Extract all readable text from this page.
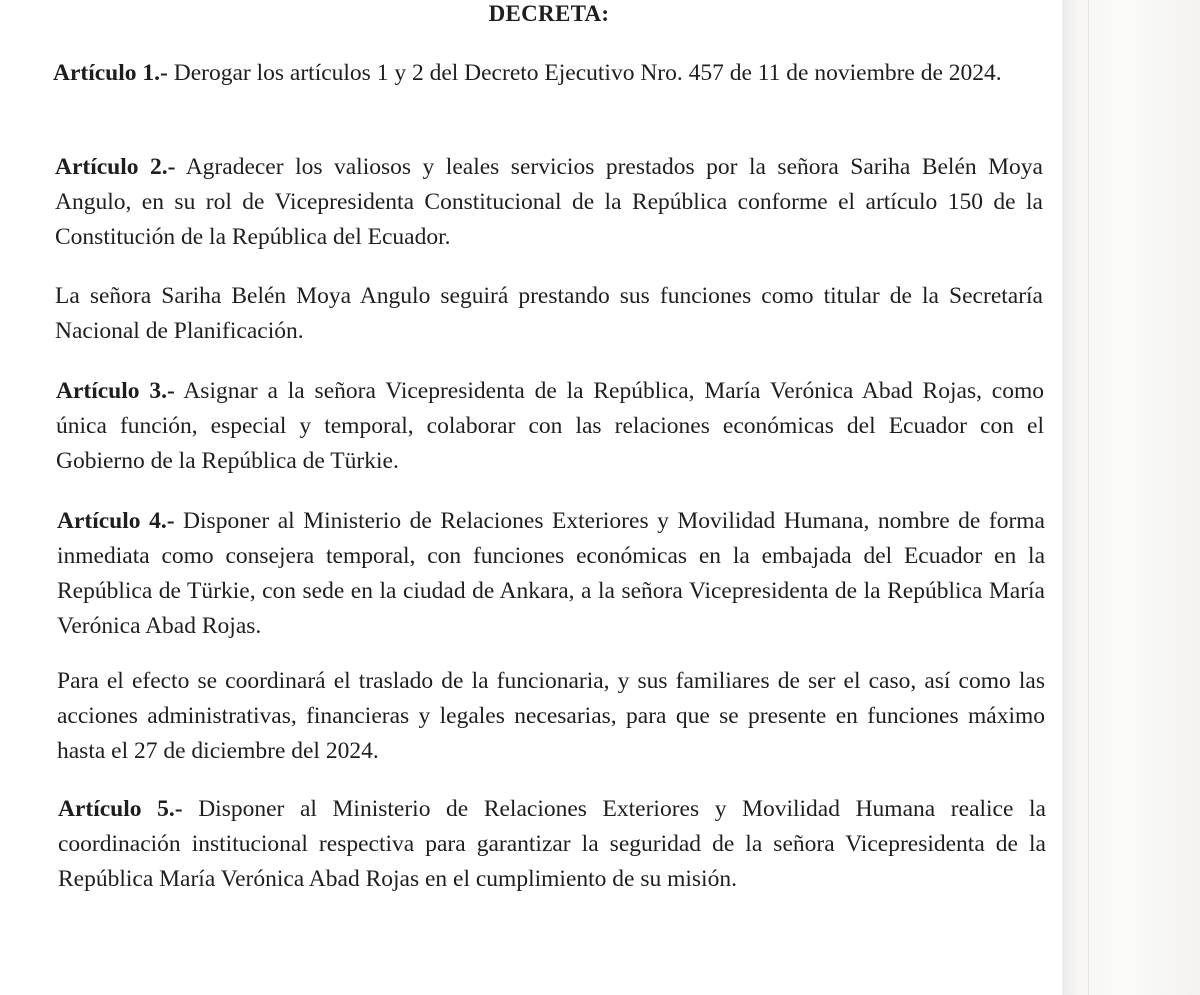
DECRETA:

Artículo 1.- Derogar los artículos 1 y 2 del Decreto Ejecutivo Nro. 457 de 11 de noviembre de 2024.

Artículo 2.- Agradecer los valiosos y leales servicios prestados por la señora Sariha Belén Moya Angulo, en su rol de Vicepresidenta Constitucional de la República conforme el artículo 150 de la Constitución de la República del Ecuador.

La señora Sariha Belén Moya Angulo seguirá prestando sus funciones como titular de la Secretaría Nacional de Planificación.

Artículo 3.- Asignar a la señora Vicepresidenta de la República, María Verónica Abad Rojas, como única función, especial y temporal, colaborar con las relaciones económicas del Ecuador con el Gobierno de la República de Türkie.

Artículo 4.- Disponer al Ministerio de Relaciones Exteriores y Movilidad Humana, nombre de forma inmediata como consejera temporal, con funciones económicas en la embajada del Ecuador en la República de Türkie, con sede en la ciudad de Ankara, a la señora Vicepresidenta de la República María Verónica Abad Rojas.

Para el efecto se coordinará el traslado de la funcionaria, y sus familiares de ser el caso, así como las acciones administrativas, financieras y legales necesarias, para que se presente en funciones máximo hasta el 27 de diciembre del 2024.

Artículo 5.- Disponer al Ministerio de Relaciones Exteriores y Movilidad Humana realice la coordinación institucional respectiva para garantizar la seguridad de la señora Vicepresidenta de la República María Verónica Abad Rojas en el cumplimiento de su misión.
